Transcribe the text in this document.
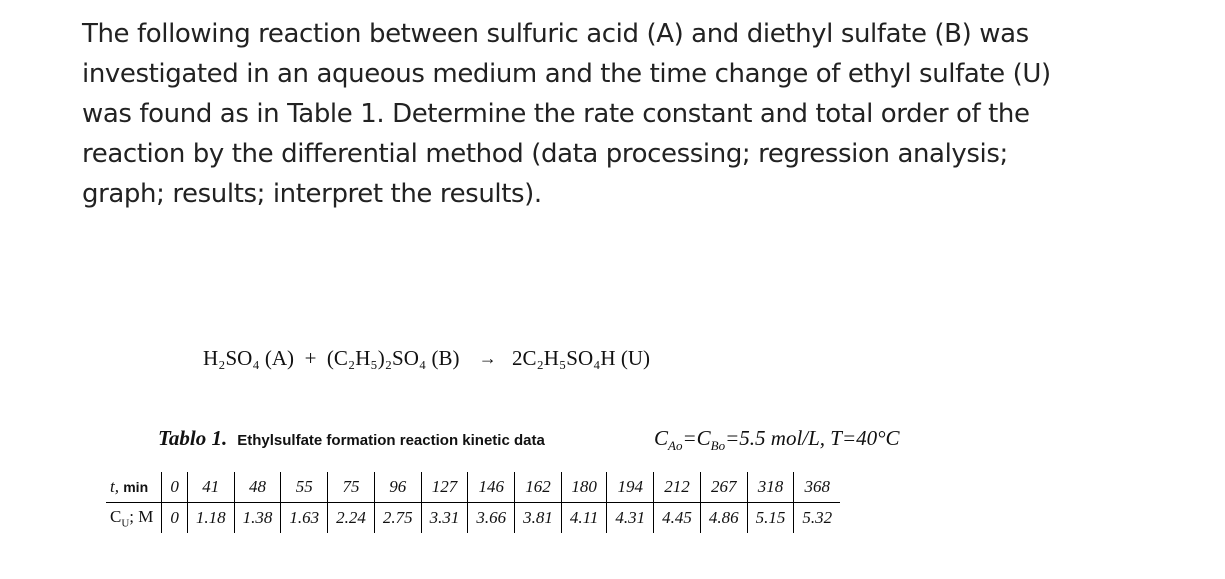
The following reaction between sulfuric acid (A) and diethyl sulfate (B) was investigated in an aqueous medium and the time change of ethyl sulfate (U) was found as in Table 1. Determine the rate constant and total order of the reaction by the differential method (data processing; regression analysis; graph; results; interpret the results).

H₂SO₄ (A) + (C₂H₅)₂SO₄ (B) → 2C₂H₅SO₄H (U)
Tablo 1. Ethylsulfate formation reaction kinetic data	$C_{Ao}=C_{Bo}=5.5$ mol/L, T=40°C
t, min	0	41	48	55	75	96	127	146	162	180	194	212	267	318	368
$C_U$; M	0	1.18	1.38	1.63	2.24	2.75	3.31	3.66	3.81	4.11	4.31	4.45	4.86	5.15	5.32
